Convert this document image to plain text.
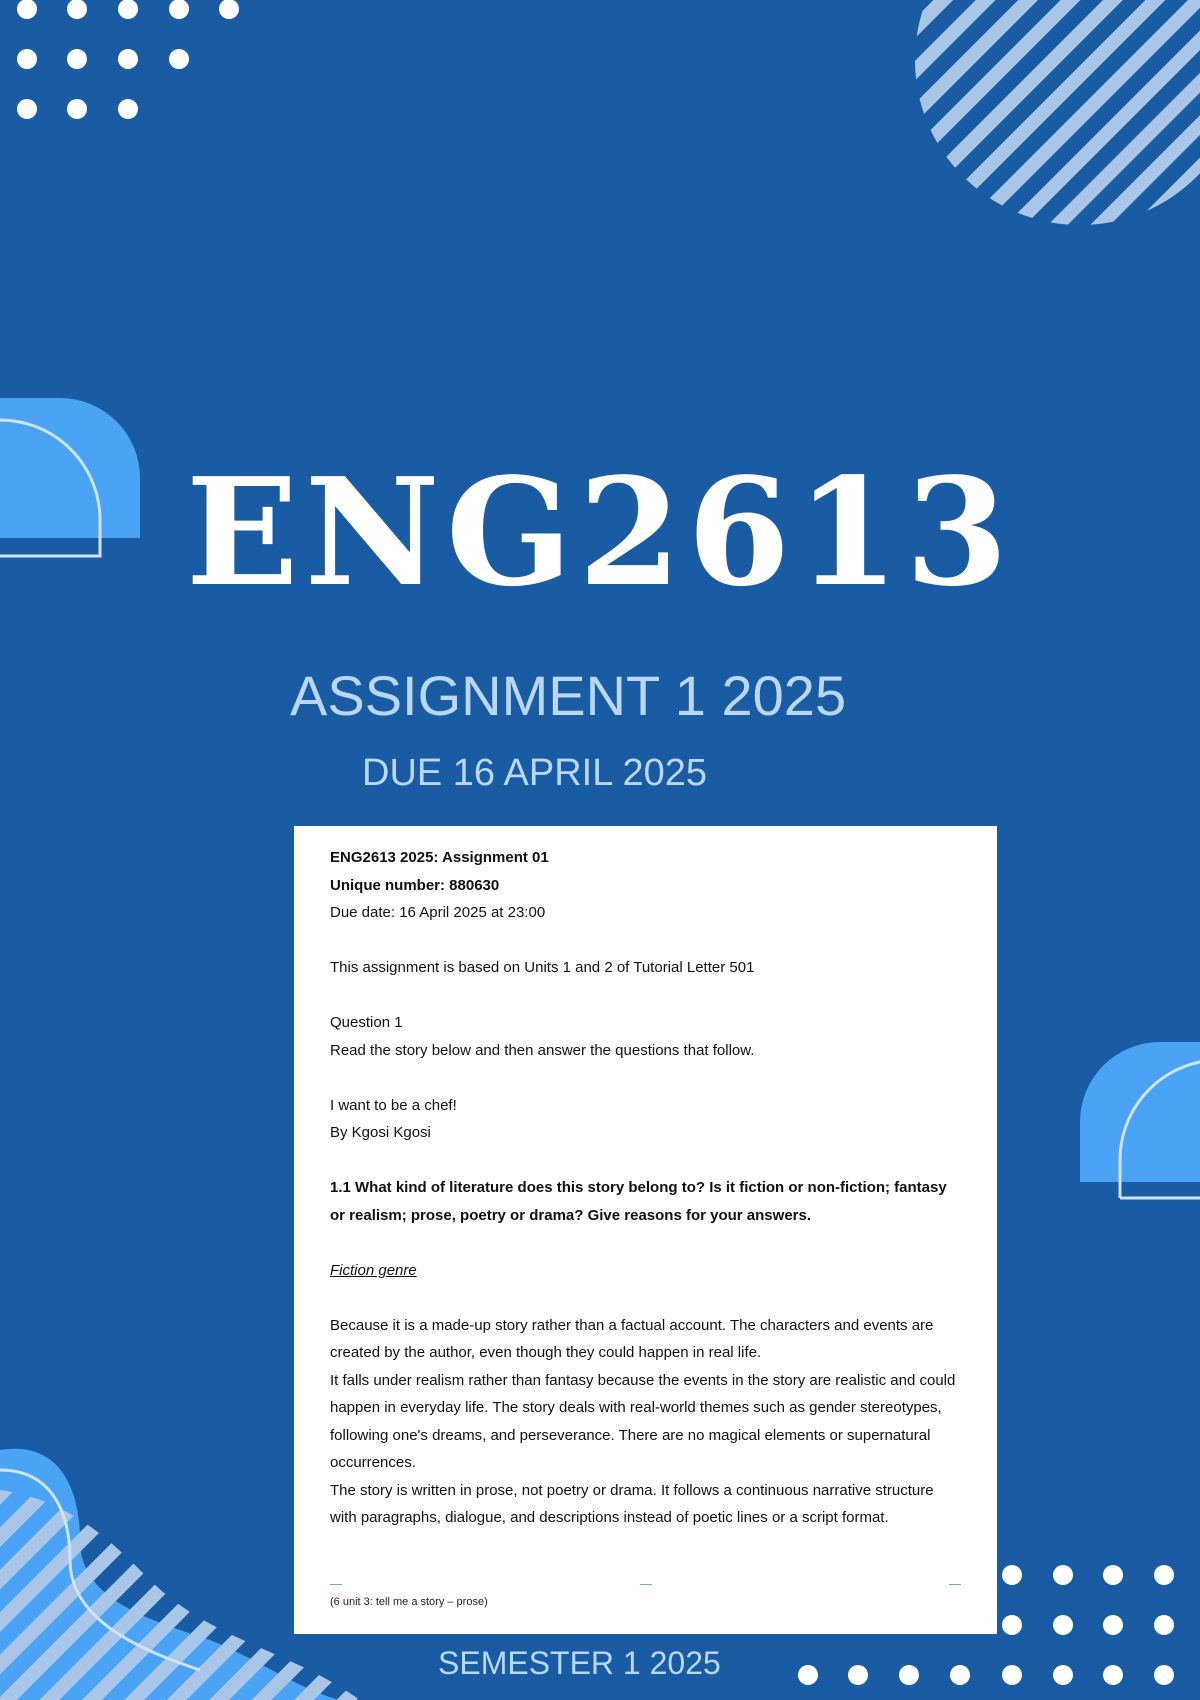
ENG2613
ASSIGNMENT 1 2025
DUE 16 APRIL 2025

ENG2613 2025: Assignment 01

Unique number: 880630

Due date: 16 April 2025 at 23:00

This assignment is based on Units 1 and 2 of Tutorial Letter 501

Question 1

Read the story below and then answer the questions that follow.

I want to be a chef!

By Kgosi Kgosi

1.1 What kind of literature does this story belong to? Is it fiction or non-fiction; fantasy or realism; prose, poetry or drama? Give reasons for your answers.

Fiction genre

Because it is a made-up story rather than a factual account. The characters and events are created by the author, even though they could happen in real life.

It falls under realism rather than fantasy because the events in the story are realistic and could happen in everyday life. The story deals with real-world themes such as gender stereotypes, following one's dreams, and perseverance. There are no magical elements or supernatural occurrences.

The story is written in prose, not poetry or drama. It follows a continuous narrative structure with paragraphs, dialogue, and descriptions instead of poetic lines or a script format.

(6 unit 3: tell me a story – prose)
SEMESTER 1 2025
